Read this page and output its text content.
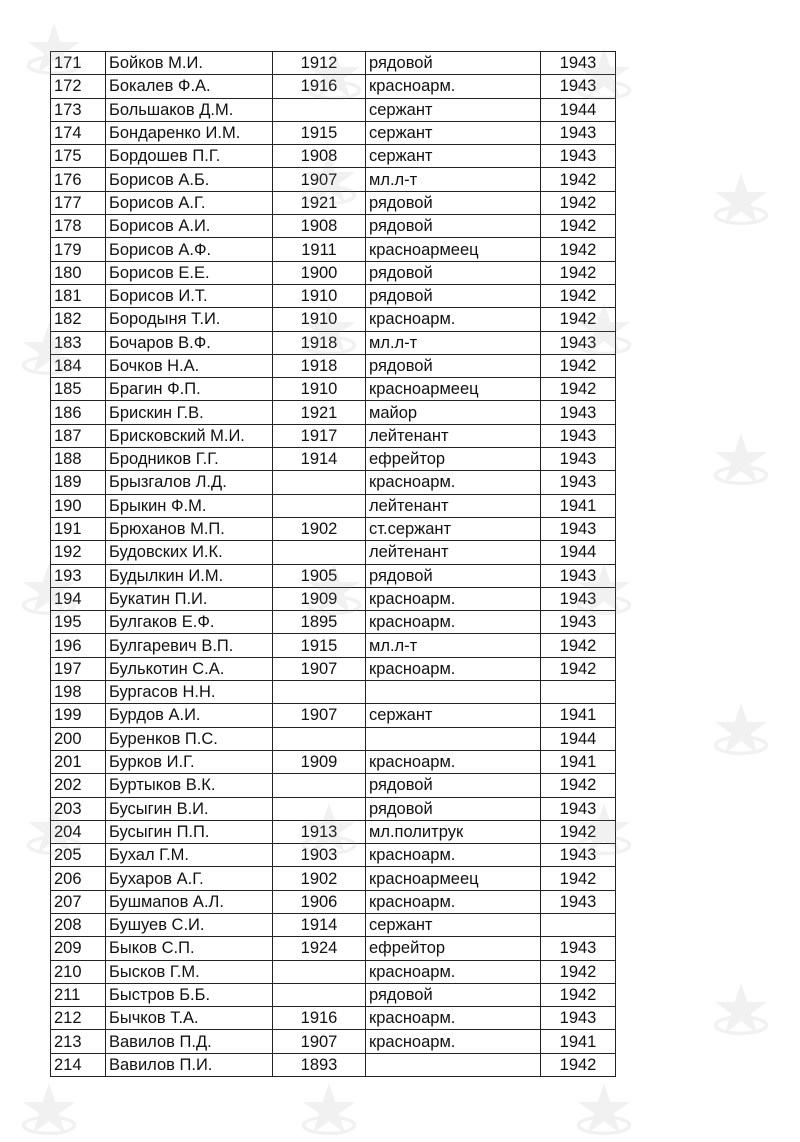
171	Бойков М.И.	1912	рядовой	1943
172	Бокалев Ф.А.	1916	красноарм.	1943
173	Большаков Д.М.		сержант	1944
174	Бондаренко И.М.	1915	сержант	1943
175	Бордошев П.Г.	1908	сержант	1943
176	Борисов А.Б.	1907	мл.л-т	1942
177	Борисов А.Г.	1921	рядовой	1942
178	Борисов А.И.	1908	рядовой	1942
179	Борисов А.Ф.	1911	красноармеец	1942
180	Борисов Е.Е.	1900	рядовой	1942
181	Борисов И.Т.	1910	рядовой	1942
182	Бородыня Т.И.	1910	красноарм.	1942
183	Бочаров В.Ф.	1918	мл.л-т	1943
184	Бочков Н.А.	1918	рядовой	1942
185	Брагин Ф.П.	1910	красноармеец	1942
186	Брискин Г.В.	1921	майор	1943
187	Брисковский М.И.	1917	лейтенант	1943
188	Бродников Г.Г.	1914	ефрейтор	1943
189	Брызгалов Л.Д.		красноарм.	1943
190	Брыкин Ф.М.		лейтенант	1941
191	Брюханов М.П.	1902	ст.сержант	1943
192	Будовских И.К.		лейтенант	1944
193	Будылкин И.М.	1905	рядовой	1943
194	Букатин П.И.	1909	красноарм.	1943
195	Булгаков Е.Ф.	1895	красноарм.	1943
196	Булгаревич В.П.	1915	мл.л-т	1942
197	Булькотин С.А.	1907	красноарм.	1942
198	Бургасов Н.Н.			
199	Бурдов А.И.	1907	сержант	1941
200	Буренков П.С.			1944
201	Бурков И.Г.	1909	красноарм.	1941
202	Буртыков В.К.		рядовой	1942
203	Бусыгин В.И.		рядовой	1943
204	Бусыгин П.П.	1913	мл.политрук	1942
205	Бухал Г.М.	1903	красноарм.	1943
206	Бухаров А.Г.	1902	красноармеец	1942
207	Бушмапов А.Л.	1906	красноарм.	1943
208	Бушуев С.И.	1914	сержант	
209	Быков С.П.	1924	ефрейтор	1943
210	Бысков Г.М.		красноарм.	1942
211	Быстров Б.Б.		рядовой	1942
212	Бычков Т.А.	1916	красноарм.	1943
213	Вавилов П.Д.	1907	красноарм.	1941
214	Вавилов П.И.	1893		1942
